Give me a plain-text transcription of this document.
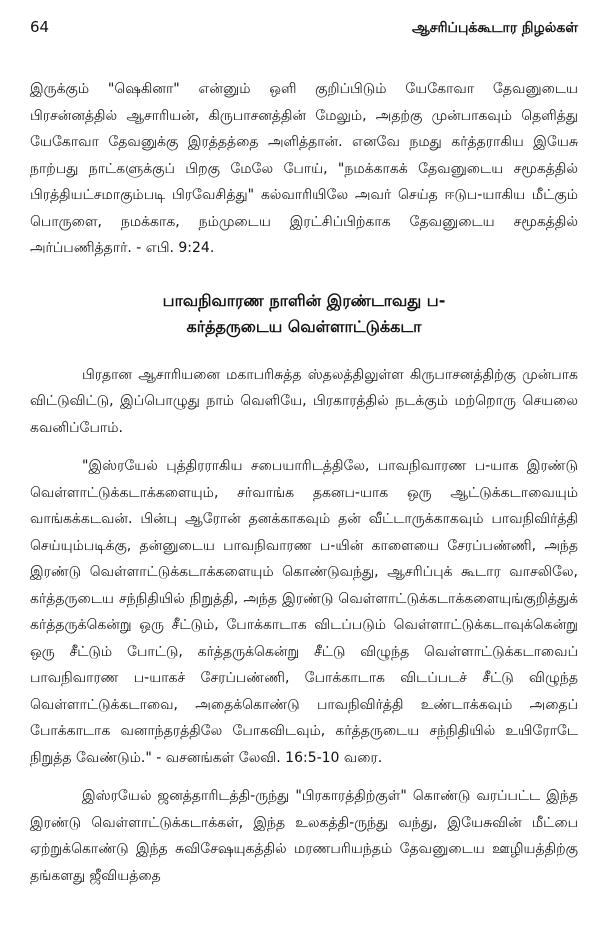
64	ஆசரிப்புக்கூடார நிழல்கள்

இருக்கும் "ஷெகினா" என்னும் ஒளி குறிப்பிடும் யேகோவா தேவனுடைய பிரசன்னத்தில் ஆசாரியன், கிருபாசனத்தின் மேலும், அதற்கு முன்பாகவும் தெளித்து யேகோவா தேவனுக்கு இரத்தத்தை அளித்தான். எனவே நமது கர்த்தராகிய இயேசு நாற்பது நாட்களுக்குப் பிறகு மேலே போய், "நமக்காகக் தேவனுடைய சமூகத்தில் பிரத்தியட்சமாகும்படி பிரவேசித்து" கல்வாரியிலே அவர் செய்த ஈடுப-யாகிய மீட்கும் பொருளை, நமக்காக, நம்முடைய இரட்சிப்பிற்காக தேவனுடைய சமூகத்தில் அர்ப்பணித்தார். - எபி. 9:24.

பாவநிவாரண நாளின் இரண்டாவது ப-
கர்த்தருடைய வெள்ளாட்டுக்கடா

பிரதான ஆசாரியனை மகாபரிசுத்த ஸ்தலத்திலுள்ள கிருபாசனத்திற்கு முன்பாக விட்டுவிட்டு, இப்பொழுது நாம் வெளியே, பிரகாரத்தில் நடக்கும் மற்றொரு செயலை கவனிப்போம்.

"இஸ்ரயேல் புத்திரராகிய சபையாரிடத்திலே, பாவநிவாரண ப-யாக இரண்டு வெள்ளாட்டுக்கடாக்களையும், சர்வாங்க தகனப-யாக ஒரு ஆட்டுக்கடாவையும் வாங்கக்கடவன். பின்பு ஆரோன் தனக்காகவும் தன் வீட்டாருக்காகவும் பாவநிவிர்த்தி செய்யும்படிக்கு, தன்னுடைய பாவநிவாரண ப-யின் காளையை சேரப்பண்ணி, அந்த இரண்டு வெள்ளாட்டுக்கடாக்களையும் கொண்டுவந்து, ஆசரிப்புக் கூடார வாசலிலே, கர்த்தருடைய சந்நிதியில் நிறுத்தி, அந்த இரண்டு வெள்ளாட்டுக்கடாக்களையுங்குறித்துக் கர்த்தருக்கென்று ஒரு சீட்டும், போக்காடாக விடப்படும் வெள்ளாட்டுக்கடாவுக்கென்று ஒரு சீட்டும் போட்டு, கர்த்தருக்கென்று சீட்டு விழுந்த வெள்ளாட்டுக்கடாவைப் பாவநிவாரண ப-யாகச் சேரப்பண்ணி, போக்காடாக விடப்படச் சீட்டு விழுந்த வெள்ளாட்டுக்கடாவை, அதைக்கொண்டு பாவநிவிர்த்தி உண்டாக்கவும் அதைப் போக்காடாக வனாந்தரத்திலே போகவிடவும், கர்த்தருடைய சந்நிதியில் உயிரோடே நிறுத்த வேண்டும்." - வசனங்கள் லேவி. 16:5-10 வரை.

இஸ்ரயேல் ஜனத்தாரிடத்தி-ருந்து "பிரகாரத்திற்குள்" கொண்டு வரப்பட்ட இந்த இரண்டு வெள்ளாட்டுக்கடாக்கள், இந்த உலகத்தி-ருந்து வந்து, இயேசுவின் மீட்பை ஏற்றுக்கொண்டு இந்த சுவிசேஷயுகத்தில் மரணபரியந்தம் தேவனுடைய ஊழியத்திற்கு தங்களது ஜீவியத்தை
